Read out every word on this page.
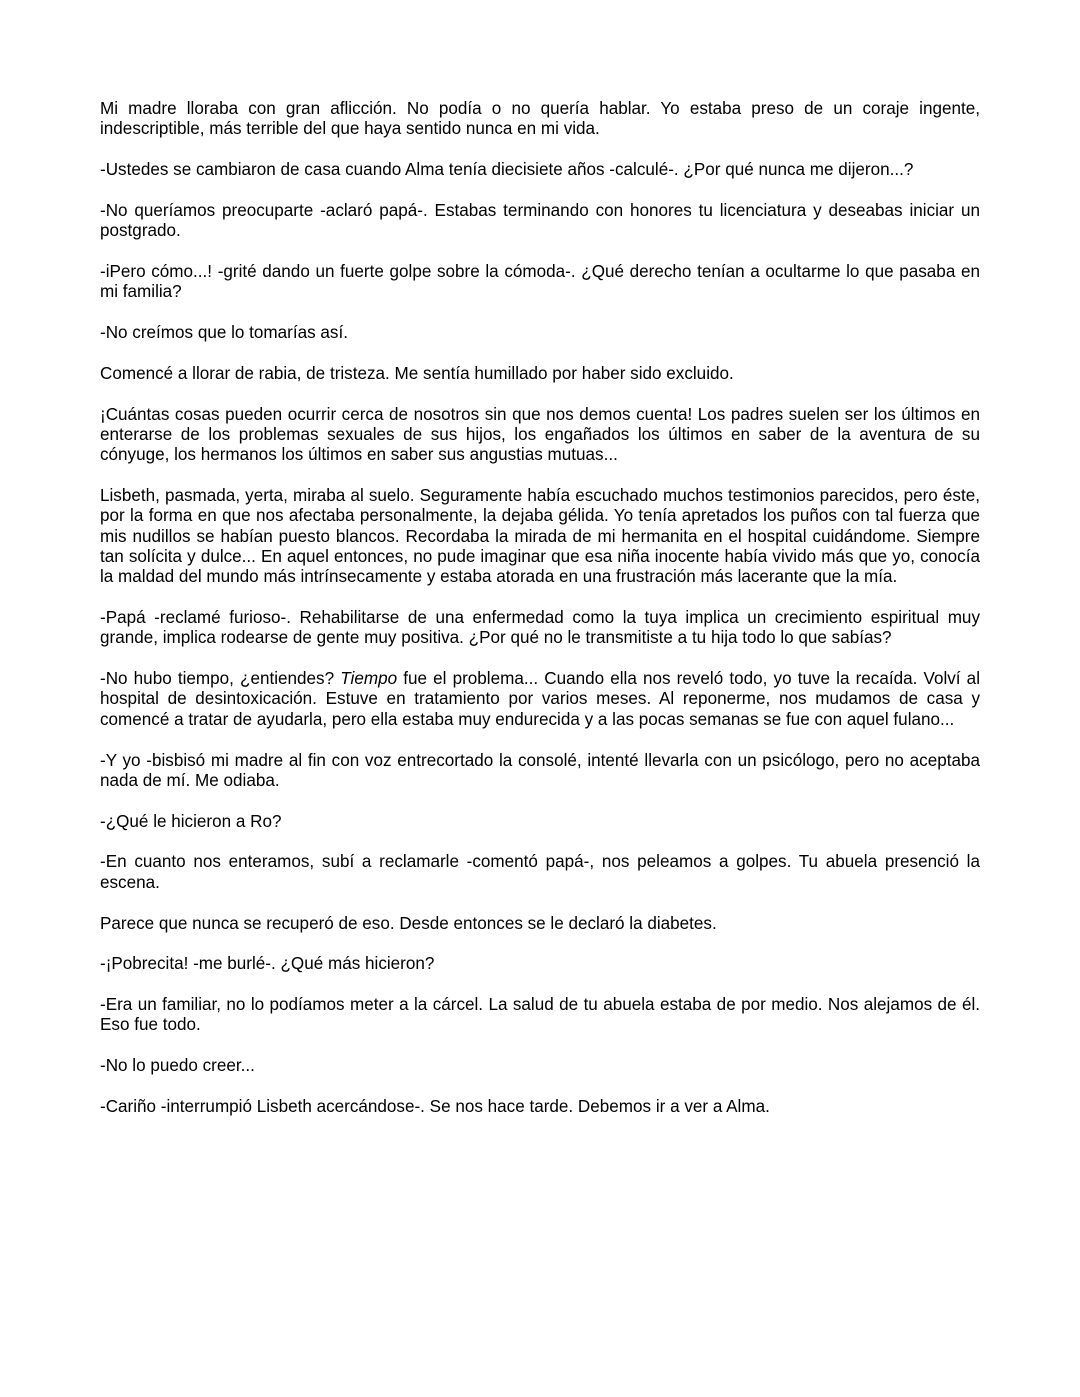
Mi madre lloraba con gran aflicción. No podía o no quería hablar. Yo estaba preso de un coraje ingente, indescriptible, más terrible del que haya sentido nunca en mi vida.

-Ustedes se cambiaron de casa cuando Alma tenía diecisiete años -calculé-. ¿Por qué nunca me dijeron...?

-No queríamos preocuparte -aclaró papá-. Estabas terminando con honores tu licenciatura y deseabas iniciar un postgrado.

-iPero cómo...! -grité dando un fuerte golpe sobre la cómoda-. ¿Qué derecho tenían a ocultarme lo que pasaba en mi familia?

-No creímos que lo tomarías así.

Comencé a llorar de rabia, de tristeza. Me sentía humillado por haber sido excluido.

¡Cuántas cosas pueden ocurrir cerca de nosotros sin que nos demos cuenta! Los padres suelen ser los últimos en enterarse de los problemas sexuales de sus hijos, los engañados los últimos en saber de la aventura de su cónyuge, los hermanos los últimos en saber sus angustias mutuas...

Lisbeth, pasmada, yerta, miraba al suelo. Seguramente había escuchado muchos testimonios parecidos, pero éste, por la forma en que nos afectaba personalmente, la dejaba gélida. Yo tenía apretados los puños con tal fuerza que mis nudillos se habían puesto blancos. Recordaba la mirada de mi hermanita en el hospital cuidándome. Siempre tan solícita y dulce... En aquel entonces, no pude imaginar que esa niña inocente había vivido más que yo, conocía la maldad del mundo más intrínsecamente y estaba atorada en una frustración más lacerante que la mía.

-Papá -reclamé furioso-. Rehabilitarse de una enfermedad como la tuya implica un crecimiento espiritual muy grande, implica rodearse de gente muy positiva. ¿Por qué no le transmitiste a tu hija todo lo que sabías?

-No hubo tiempo, ¿entiendes? Tiempo fue el problema... Cuando ella nos reveló todo, yo tuve la recaída. Volví al hospital de desintoxicación. Estuve en tratamiento por varios meses. Al reponerme, nos mudamos de casa y comencé a tratar de ayudarla, pero ella estaba muy endurecida y a las pocas semanas se fue con aquel fulano...

-Y yo -bisbisó mi madre al fin con voz entrecortado la consolé, intenté llevarla con un psicólogo, pero no aceptaba nada de mí. Me odiaba.

-¿Qué le hicieron a Ro?

-En cuanto nos enteramos, subí a reclamarle -comentó papá-, nos peleamos a golpes. Tu abuela presenció la escena.

Parece que nunca se recuperó de eso. Desde entonces se le declaró la diabetes.

-¡Pobrecita! -me burlé-. ¿Qué más hicieron?

-Era un familiar, no lo podíamos meter a la cárcel. La salud de tu abuela estaba de por medio. Nos alejamos de él. Eso fue todo.

-No lo puedo creer...

-Cariño -interrumpió Lisbeth acercándose-. Se nos hace tarde. Debemos ir a ver a Alma.
